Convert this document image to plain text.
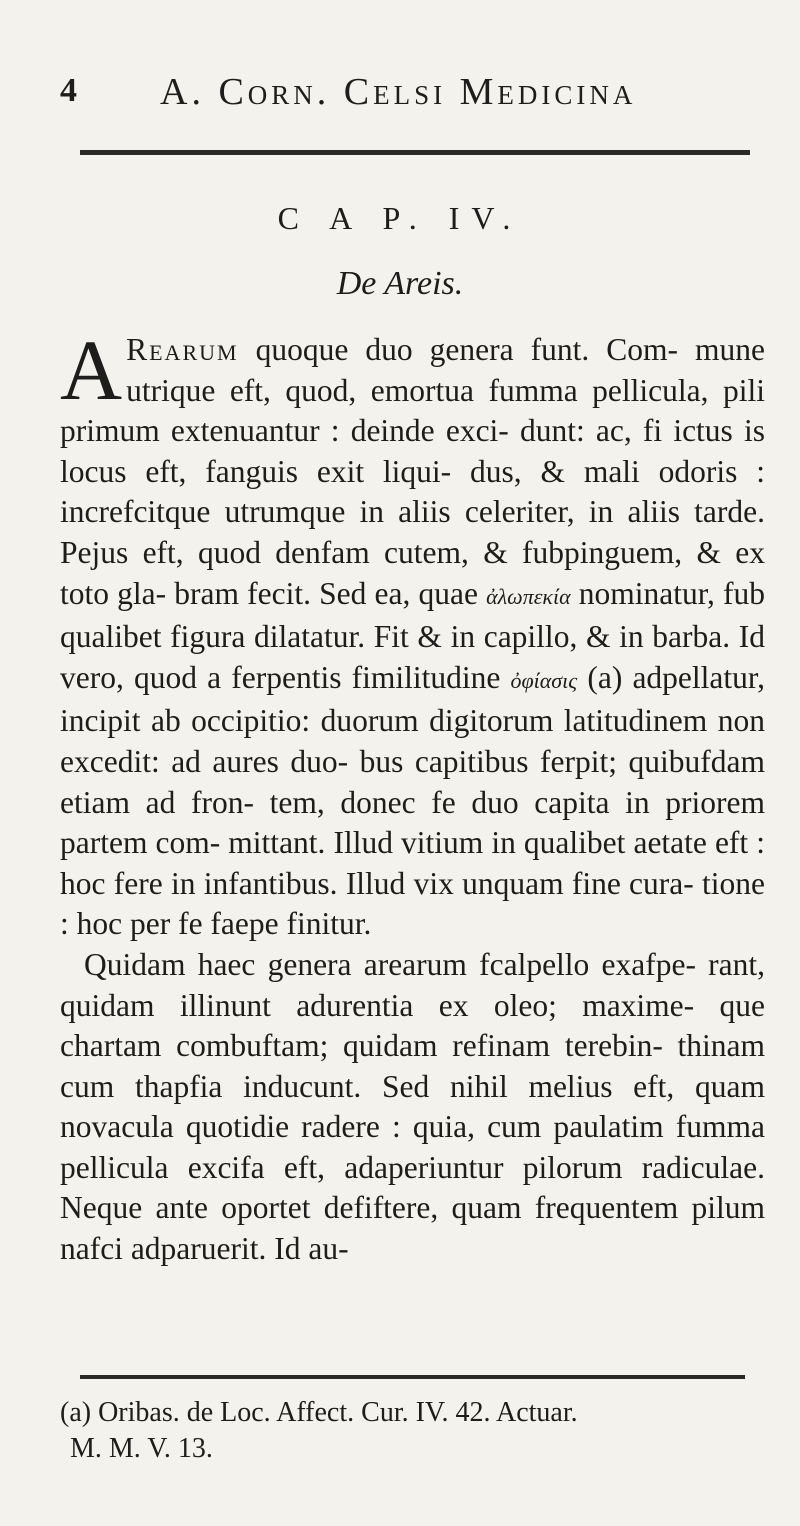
4 A. Corn. Celsi Medicina
C A P. IV.
De Areis.

A Rearum quoque duo genera funt. Com- mune utrique eft, quod, emortua fumma pellicula, pili primum extenuantur : deinde exci- dunt: ac, fi ictus is locus eft, fanguis exit liqui- dus, & mali odoris : increfcitque utrumque in aliis celeriter, in aliis tarde. Pejus eft, quod denfam cutem, & fubpinguem, & ex toto gla- bram fecit. Sed ea, quae ἀλωπεκία nominatur, fub qualibet figura dilatatur. Fit & in capillo, & in barba. Id vero, quod a ferpentis fimilitudine ὀφίασις (a) adpellatur, incipit ab occipitio: duorum digitorum latitudinem non excedit: ad aures duo- bus capitibus ferpit; quibufdam etiam ad fron- tem, donec fe duo capita in priorem partem com- mittant. Illud vitium in qualibet aetate eft : hoc fere in infantibus. Illud vix unquam fine cura- tione : hoc per fe faepe finitur.

Quidam haec genera arearum fcalpello exafpe- rant, quidam illinunt adurentia ex oleo; maxime- que chartam combuftam; quidam refinam terebin- thinam cum thapfia inducunt. Sed nihil melius eft, quam novacula quotidie radere : quia, cum paulatim fumma pellicula excifa eft, adaperiuntur pilorum radiculae. Neque ante oportet defiftere, quam frequentem pilum nafci adparuerit. Id au-

(a) Oribas. de Loc. Affect. Cur. IV. 42. Actuar.
M. M. V. 13.
